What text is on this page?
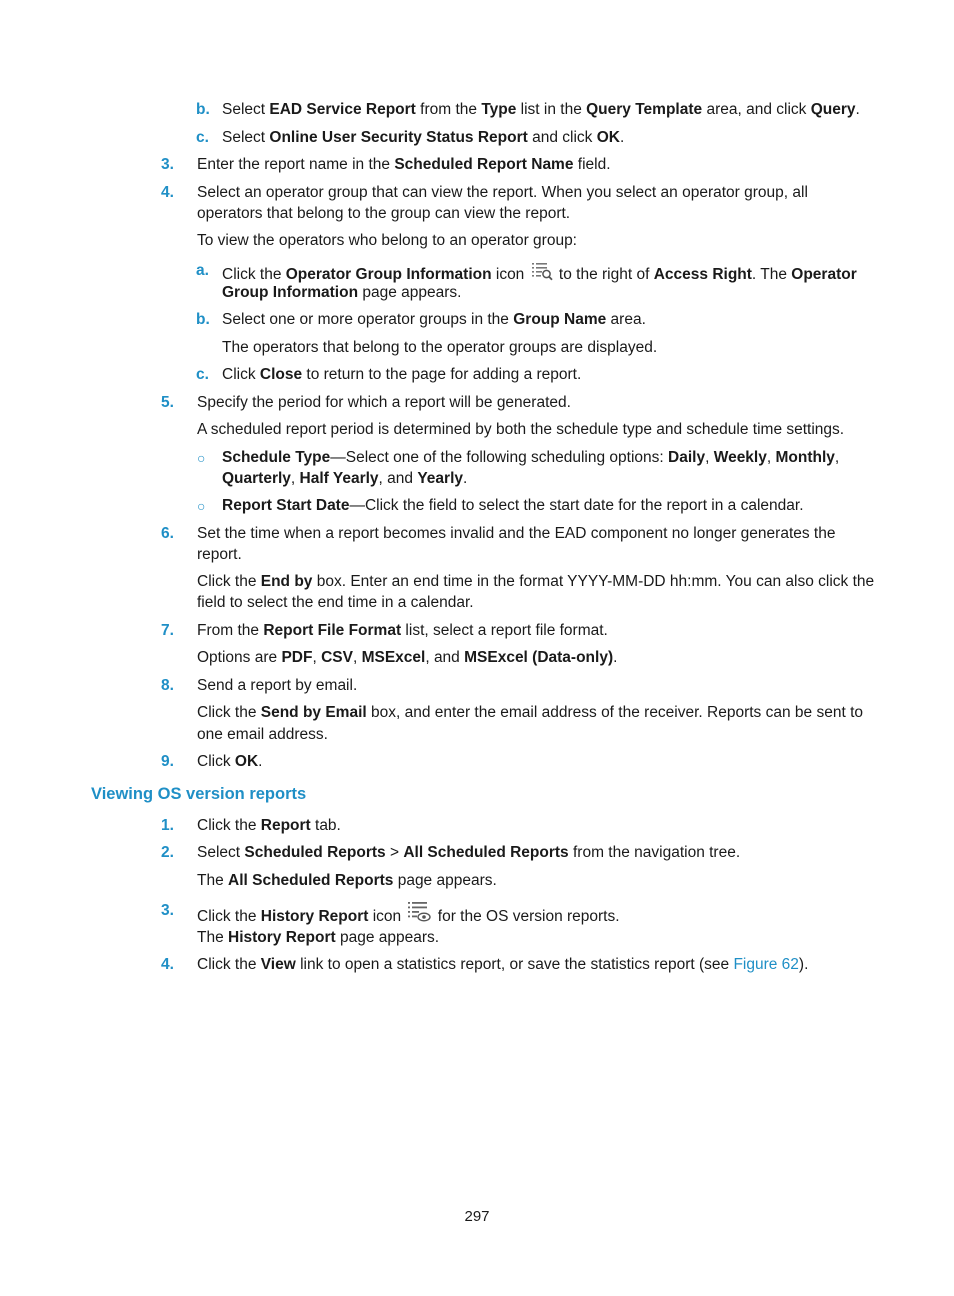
b. Select EAD Service Report from the Type list in the Query Template area, and click Query.
c. Select Online User Security Status Report and click OK.
3. Enter the report name in the Scheduled Report Name field.
4. Select an operator group that can view the report. When you select an operator group, all
operators that belong to the group can view the report.
To view the operators who belong to an operator group:
a. Click the Operator Group Information icon  to the right of Access Right. The Operator
Group Information page appears.
b. Select one or more operator groups in the Group Name area.
The operators that belong to the operator groups are displayed.
c. Click Close to return to the page for adding a report.
5. Specify the period for which a report will be generated.
A scheduled report period is determined by both the schedule type and schedule time settings.
○ Schedule Type—Select one of the following scheduling options: Daily, Weekly, Monthly,
Quarterly, Half Yearly, and Yearly.
○ Report Start Date—Click the field to select the start date for the report in a calendar.
6. Set the time when a report becomes invalid and the EAD component no longer generates the
report.
Click the End by box. Enter an end time in the format YYYY-MM-DD hh:mm. You can also click the
field to select the end time in a calendar.
7. From the Report File Format list, select a report file format.
Options are PDF, CSV, MSExcel, and MSExcel (Data-only).
8. Send a report by email.
Click the Send by Email box, and enter the email address of the receiver. Reports can be sent to
one email address.
9. Click OK.
Viewing OS version reports
1. Click the Report tab.
2. Select Scheduled Reports > All Scheduled Reports from the navigation tree.
The All Scheduled Reports page appears.
3. Click the History Report icon  for the OS version reports.
The History Report page appears.
4. Click the View link to open a statistics report, or save the statistics report (see Figure 62).
297
